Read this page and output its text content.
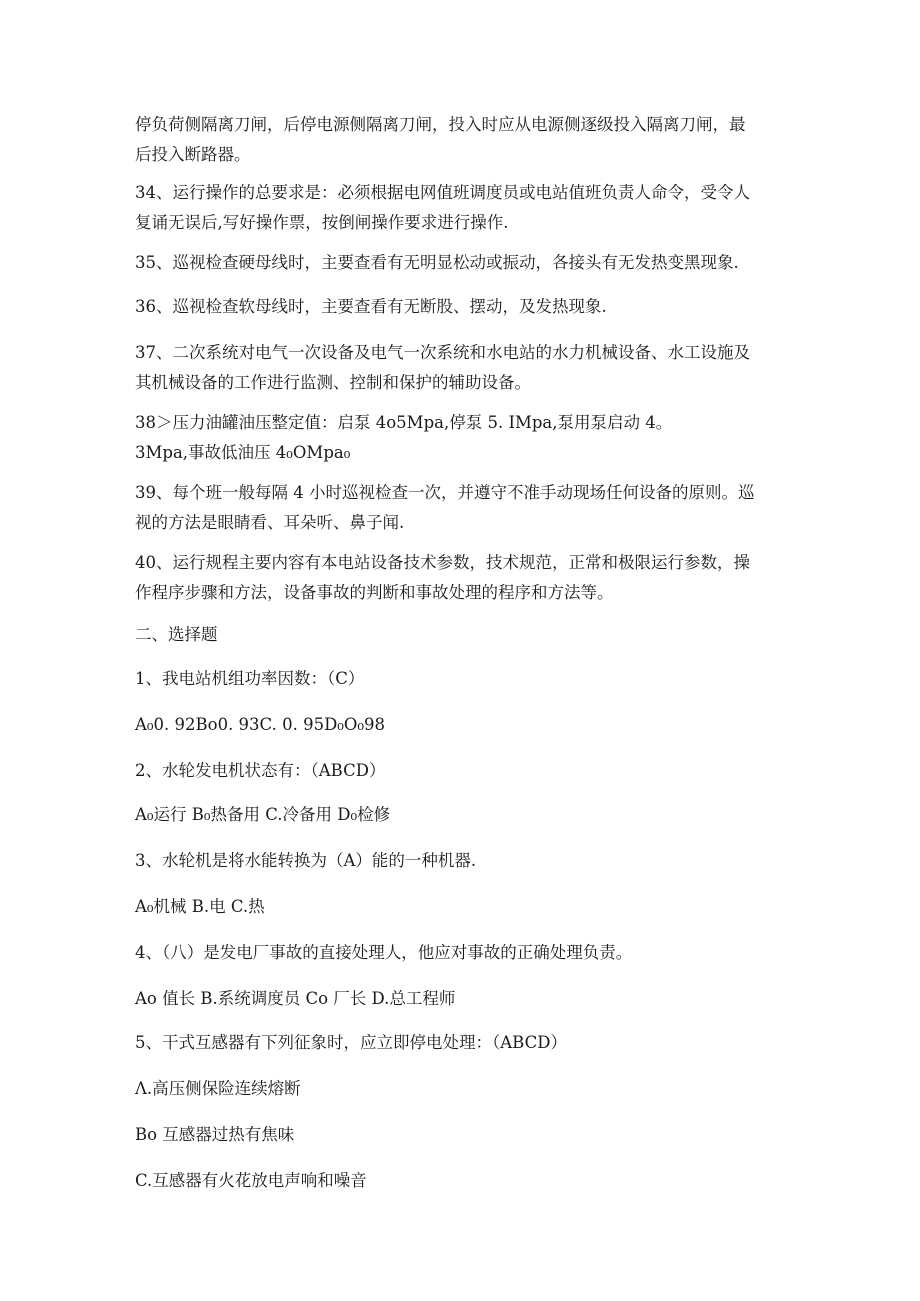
停负荷侧隔离刀闸，后停电源侧隔离刀闸，投入时应从电源侧逐级投入隔离刀闸，最
后投入断路器。
34、运行操作的总要求是：必须根据电网值班调度员或电站值班负责人命令，受令人
复诵无误后,写好操作票，按倒闸操作要求进行操作.
35、巡视检查硬母线时，主要查看有无明显松动或振动，各接头有无发热变黑现象.
36、巡视检查软母线时，主要查看有无断股、摆动，及发热现象.
37、二次系统对电气一次设备及电气一次系统和水电站的水力机械设备、水工设施及
其机械设备的工作进行监测、控制和保护的辅助设备。
38＞压力油罐油压整定值：启泵 4o5Mpa,停泵 5. IMpa,泵用泵启动 4。
3Mpa,事故低油压 4₀OMpa₀
39、每个班一般每隔 4 小时巡视检查一次，并遵守不准手动现场任何设备的原则。巡
视的方法是眼睛看、耳朵听、鼻子闻.
40、运行规程主要内容有本电站设备技术参数，技术规范，正常和极限运行参数，操
作程序步骤和方法，设备事故的判断和事故处理的程序和方法等。
二、选择题
1、我电站机组功率因数：（C）
A₀0. 92Bo0. 93C. 0. 95D₀O₀98
2、水轮发电机状态有：（ABCD）
A₀运行 B₀热备用 C.冷备用 D₀检修
3、水轮机是将水能转换为（A）能的一种机器.
A₀机械 B.电 C.热
4、（八）是发电厂事故的直接处理人，他应对事故的正确处理负责。
Ao 值长 B.系统调度员 Co 厂长 D.总工程师
5、干式互感器有下列征象时，应立即停电处理：（ABCD）
Λ.高压侧保险连续熔断
Bo 互感器过热有焦味
C.互感器有火花放电声响和噪音
